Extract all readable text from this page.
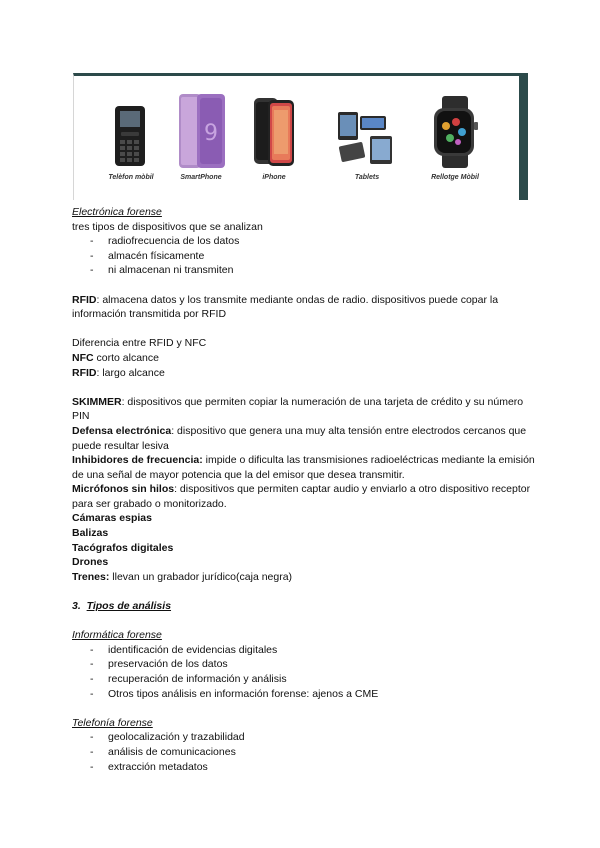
9
Telèfon mòbil	SmartPhone	iPhone	Tablets	Rellotge Mòbil

Electrónica forense

tres tipos de dispositivos que se analizan

- radiofrecuencia de los datos
- almacén físicamente
- ni almacenan ni transmiten

RFID: almacena datos y los transmite mediante ondas de radio. dispositivos puede copar la información transmitida por RFID

Diferencia entre RFID y NFC

NFC corto alcance

RFID: largo alcance

SKIMMER: dispositivos que permiten copiar la numeración de una tarjeta de crédito y su número PIN

Defensa electrónica: dispositivo que genera una muy alta tensión entre electrodos cercanos que puede resultar lesiva

Inhibidores de frecuencia: impide o dificulta las transmisiones radioeléctricas mediante la emisión de una señal de mayor potencia que la del emisor que desea transmitir.

Micrófonos sin hilos: dispositivos que permiten captar audio y enviarlo a otro dispositivo receptor para ser grabado o monitorizado.

Cámaras espias

Balizas

Tacógrafos digitales

Drones

Trenes: llevan un grabador jurídico(caja negra)

3. Tipos de análisis

Informática forense

- identificación de evidencias digitales
- preservación de los datos
- recuperación de información y análisis
- Otros tipos análisis en información forense: ajenos a CME

Telefonía forense

- geolocalización y trazabilidad
- análisis de comunicaciones
- extracción metadatos
